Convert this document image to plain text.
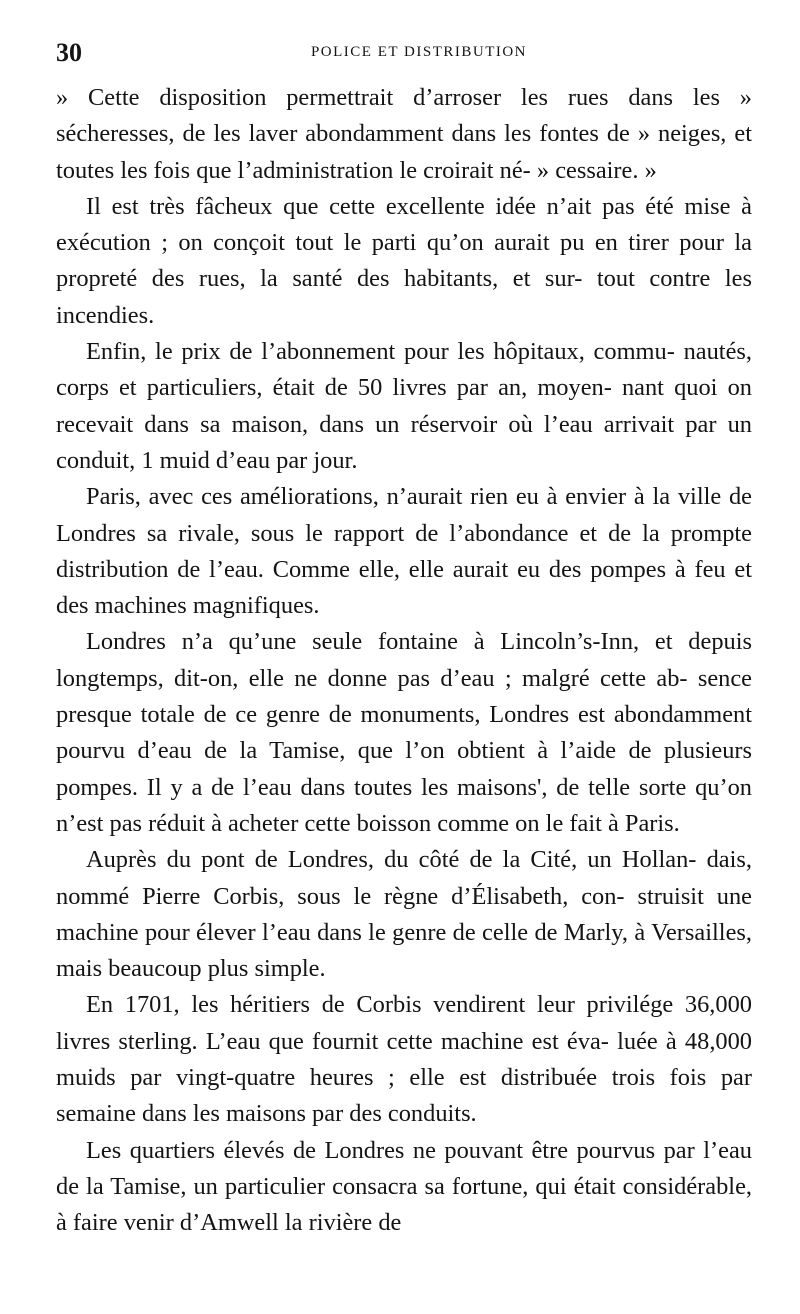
30	POLICE ET DISTRIBUTION

» Cette disposition permettrait d’arroser les rues dans les » sécheresses, de les laver abondamment dans les fontes de » neiges, et toutes les fois que l’administration le croirait né- » cessaire. »

Il est très fâcheux que cette excellente idée n’ait pas été mise à exécution ; on conçoit tout le parti qu’on aurait pu en tirer pour la propreté des rues, la santé des habitants, et sur- tout contre les incendies.

Enfin, le prix de l’abonnement pour les hôpitaux, commu- nautés, corps et particuliers, était de 50 livres par an, moyen- nant quoi on recevait dans sa maison, dans un réservoir où l’eau arrivait par un conduit, 1 muid d’eau par jour.

Paris, avec ces améliorations, n’aurait rien eu à envier à la ville de Londres sa rivale, sous le rapport de l’abondance et de la prompte distribution de l’eau. Comme elle, elle aurait eu des pompes à feu et des machines magnifiques.

Londres n’a qu’une seule fontaine à Lincoln’s-Inn, et depuis longtemps, dit-on, elle ne donne pas d’eau ; malgré cette ab- sence presque totale de ce genre de monuments, Londres est abondamment pourvu d’eau de la Tamise, que l’on obtient à l’aide de plusieurs pompes. Il y a de l’eau dans toutes les maisons', de telle sorte qu’on n’est pas réduit à acheter cette boisson comme on le fait à Paris.

Auprès du pont de Londres, du côté de la Cité, un Hollan- dais, nommé Pierre Corbis, sous le règne d’Élisabeth, con- struisit une machine pour élever l’eau dans le genre de celle de Marly, à Versailles, mais beaucoup plus simple.

En 1701, les héritiers de Corbis vendirent leur privilége 36,000 livres sterling. L’eau que fournit cette machine est éva- luée à 48,000 muids par vingt-quatre heures ; elle est distribuée trois fois par semaine dans les maisons par des conduits.

Les quartiers élevés de Londres ne pouvant être pourvus par l’eau de la Tamise, un particulier consacra sa fortune, qui était considérable, à faire venir d’Amwell la rivière de
